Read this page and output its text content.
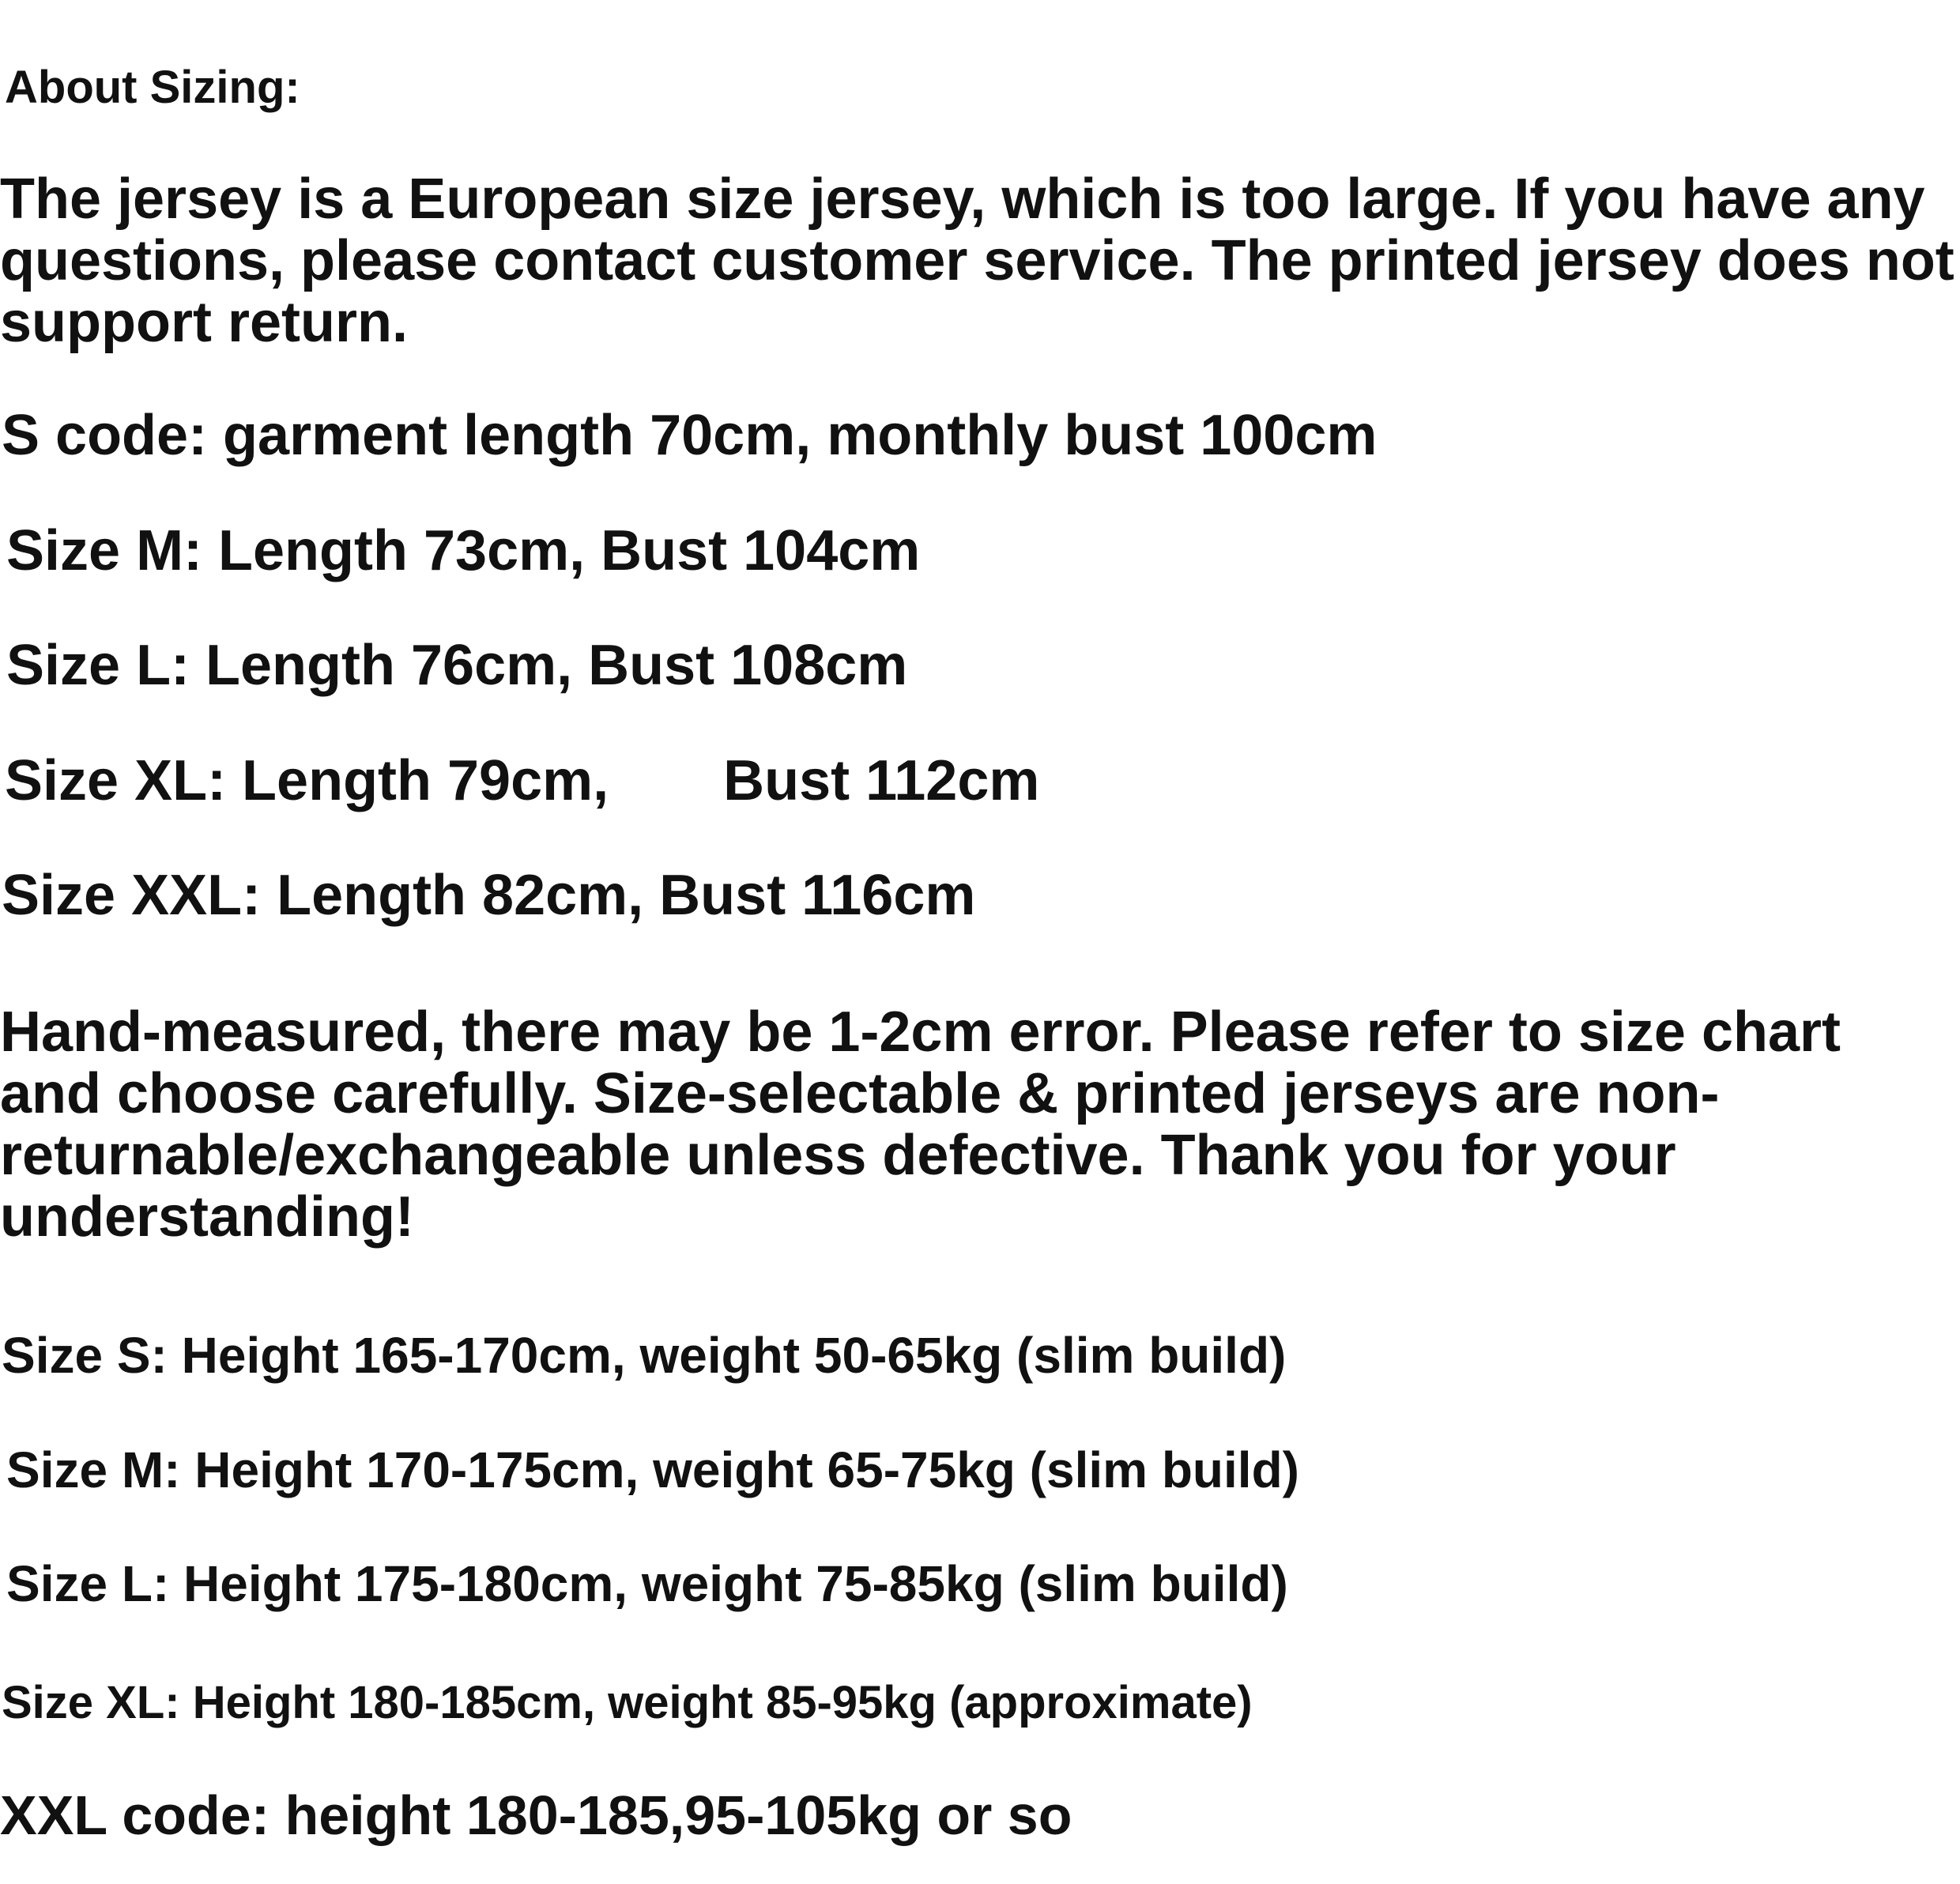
About Sizing:
The jersey is a European size jersey, which is too large. If you have any
questions, please contact customer service. The printed jersey does not
support return.
S code: garment length 70cm, monthly bust 100cm
Size M: Length 73cm, Bust 104cm
Size L: Length 76cm, Bust 108cm
Size XL: Length 79cm, Bust 112cm
Size XXL: Length 82cm, Bust 116cm
Hand-measured, there may be 1-2cm error. Please refer to size chart
and choose carefully. Size-selectable & printed jerseys are non-
returnable/exchangeable unless defective. Thank you for your
understanding!
Size S: Height 165-170cm, weight 50-65kg (slim build)
Size M: Height 170-175cm, weight 65-75kg (slim build)
Size L: Height 175-180cm, weight 75-85kg (slim build)
Size XL: Height 180-185cm, weight 85-95kg (approximate)
XXL code: height 180-185,95-105kg or so
